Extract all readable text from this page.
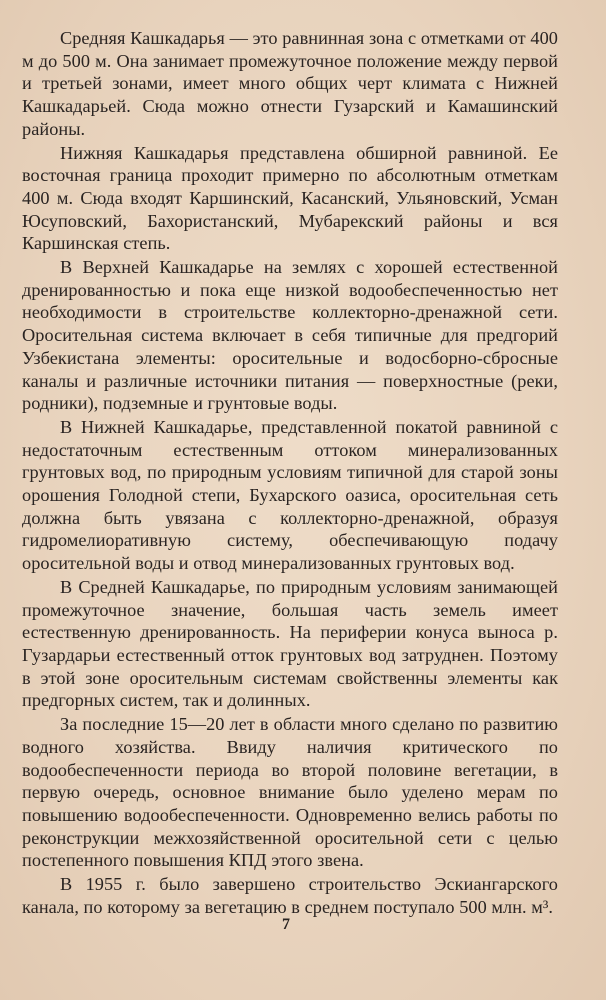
Средняя Кашкадарья — это равнинная зона с отметками от 400 м до 500 м. Она занимает промежуточное положение между первой и третьей зонами, имеет много общих черт климата с Нижней Кашкадарьей. Сюда можно отнести Гузарский и Камашинский районы.

Нижняя Кашкадарья представлена обширной равниной. Ее восточная граница проходит примерно по абсолютным отметкам 400 м. Сюда входят Каршинский, Касанский, Ульяновский, Усман Юсуповский, Бахористанский, Мубарекский районы и вся Каршинская степь.

В Верхней Кашкадарье на землях с хорошей естественной дренированностью и пока еще низкой водообеспеченностью нет необходимости в строительстве коллекторно-дренажной сети. Оросительная система включает в себя типичные для предгорий Узбекистана элементы: оросительные и водосборно-сбросные каналы и различные источники питания — поверхностные (реки, родники), подземные и грунтовые воды.

В Нижней Кашкадарье, представленной покатой равниной с недостаточным естественным оттоком минерализованных грунтовых вод, по природным условиям типичной для старой зоны орошения Голодной степи, Бухарского оазиса, оросительная сеть должна быть увязана с коллекторно-дренажной, образуя гидромелиоративную систему, обеспечивающую подачу оросительной воды и отвод минерализованных грунтовых вод.

В Средней Кашкадарье, по природным условиям занимающей промежуточное значение, большая часть земель имеет естественную дренированность. На периферии конуса выноса р. Гузардарьи естественный отток грунтовых вод затруднен. Поэтому в этой зоне оросительным системам свойственны элементы как предгорных систем, так и долинных.

За последние 15—20 лет в области много сделано по развитию водного хозяйства. Ввиду наличия критического по водообеспеченности периода во второй половине вегетации, в первую очередь, основное внимание было уделено мерам по повышению водообеспеченности. Одновременно велись работы по реконструкции межхозяйственной оросительной сети с целью постепенного повышения КПД этого звена.

В 1955 г. было завершено строительство Эскиангарского канала, по которому за вегетацию в среднем поступало 500 млн. м³.

7
